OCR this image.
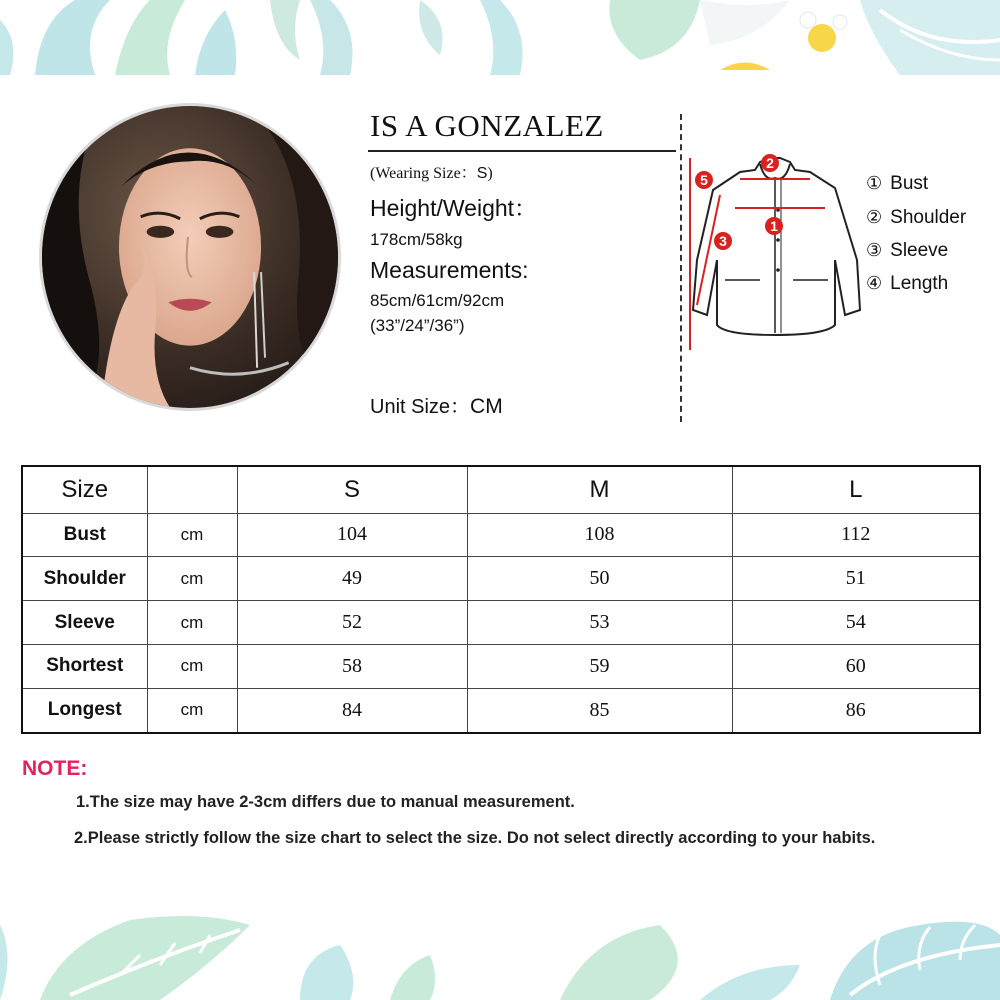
IS A GONZALEZ
(Wearing Size：S)
Height/Weight：
178cm/58kg
Measurements:
85cm/61cm/92cm
(33”/24”/36”)
Unit Size：CM
2
1
3
5	① Bust
② Shoulder
③ Sleeve
④ Length
Size		S	M	L
Bust	cm	104	108	112
Shoulder	cm	49	50	51
Sleeve	cm	52	53	54
Shortest	cm	58	59	60
Longest	cm	84	85	86
NOTE:
1.The size may have 2-3cm differs due to manual measurement.
2.Please strictly follow the size chart to select the size. Do not select directly according to your habits.
